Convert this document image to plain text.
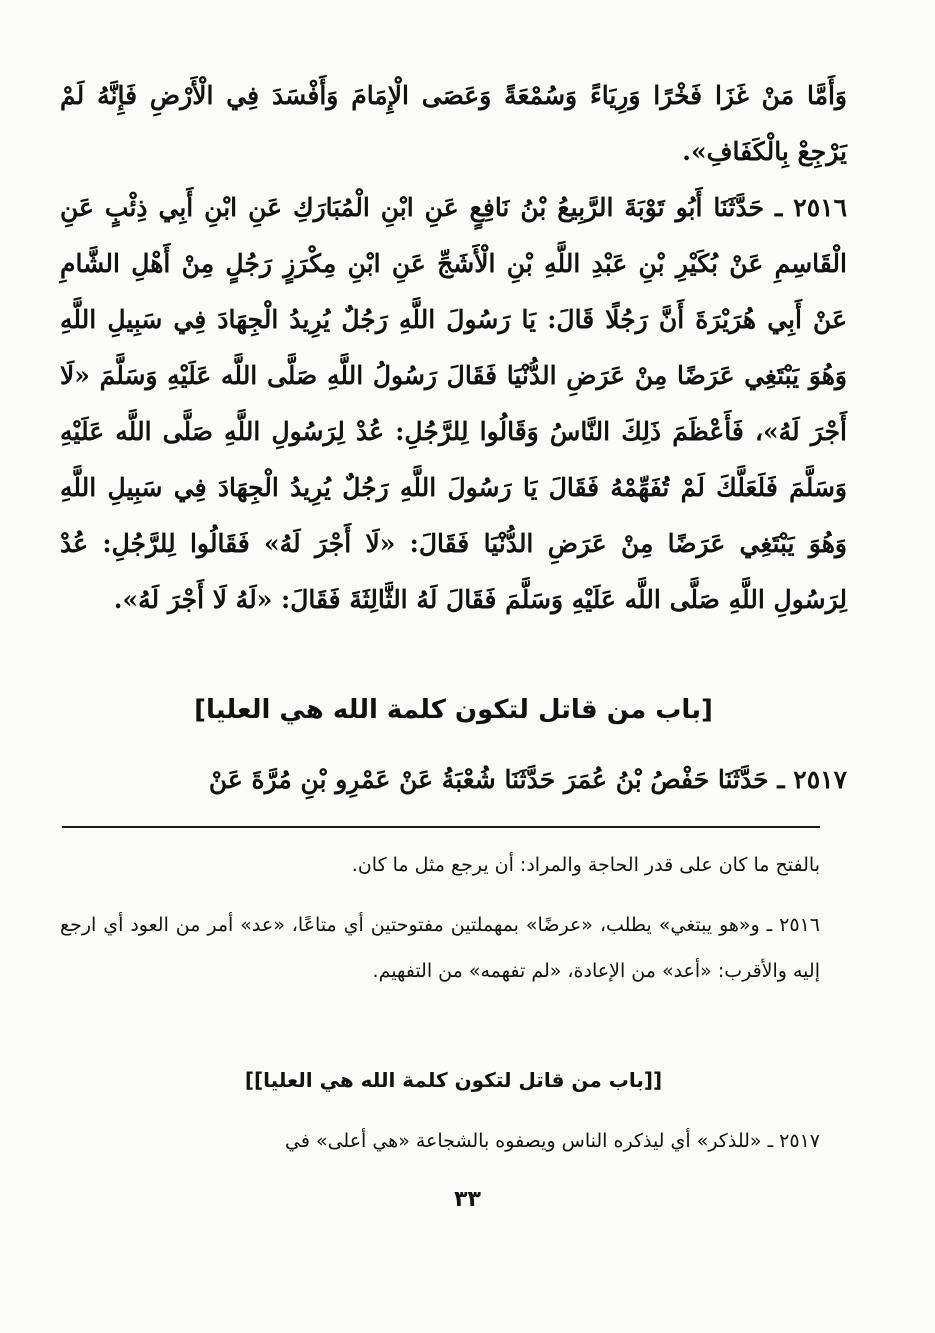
وَأَمَّا مَنْ غَزَا فَخْرًا وَرِيَاءً وَسُمْعَةً وَعَصَى الْإِمَامَ وَأَفْسَدَ فِي الْأَرْضِ فَإِنَّهُ لَمْ يَرْجِعْ بِالْكَفَافِ».

٢٥١٦ ـ حَدَّثَنَا أَبُو تَوْبَةَ الرَّبِيعُ بْنُ نَافِعٍ عَنِ ابْنِ الْمُبَارَكِ عَنِ ابْنِ أَبِي ذِئْبٍ عَنِ الْقَاسِمِ عَنْ بُكَيْرِ بْنِ عَبْدِ اللَّهِ بْنِ الْأَشَجِّ عَنِ ابْنِ مِكْرَزٍ رَجُلٍ مِنْ أَهْلِ الشَّامِ عَنْ أَبِي هُرَيْرَةَ أَنَّ رَجُلًا قَالَ: يَا رَسُولَ اللَّهِ رَجُلٌ يُرِيدُ الْجِهَادَ فِي سَبِيلِ اللَّهِ وَهُوَ يَبْتَغِي عَرَضًا مِنْ عَرَضِ الدُّنْيَا فَقَالَ رَسُولُ اللَّهِ صَلَّى اللَّه عَلَيْهِ وَسَلَّمَ «لَا أَجْرَ لَهُ»، فَأَعْظَمَ ذَلِكَ النَّاسُ وَقَالُوا لِلرَّجُلِ: عُدْ لِرَسُولِ اللَّهِ صَلَّى اللَّه عَلَيْهِ وَسَلَّمَ فَلَعَلَّكَ لَمْ تُفَهِّمْهُ فَقَالَ يَا رَسُولَ اللَّهِ رَجُلٌ يُرِيدُ الْجِهَادَ فِي سَبِيلِ اللَّهِ وَهُوَ يَبْتَغِي عَرَضًا مِنْ عَرَضِ الدُّنْيَا فَقَالَ: «لَا أَجْرَ لَهُ» فَقَالُوا لِلرَّجُلِ: عُدْ لِرَسُولِ اللَّهِ صَلَّى اللَّه عَلَيْهِ وَسَلَّمَ فَقَالَ لَهُ الثَّالِثَةَ فَقَالَ: «لَهُ لَا أَجْرَ لَهُ».

[باب من قاتل لتكون كلمة الله هي العليا]
٢٥١٧ ـ حَدَّثَنَا حَفْصُ بْنُ عُمَرَ حَدَّثَنَا شُعْبَةُ عَنْ عَمْرِو بْنِ مُرَّةَ عَنْ

بالفتح ما كان على قدر الحاجة والمراد: أن يرجع مثل ما كان.

٢٥١٦ ـ و«هو يبتغي» يطلب، «عرضًا» بمهملتين مفتوحتين أي متاعًا، «عد» أمر من العود أي ارجع إليه والأقرب: «أعد» من الإعادة، «لم تفهمه» من التفهيم.

[[باب من قاتل لتكون كلمة الله هي العليا]]
٢٥١٧ ـ «للذكر» أي ليذكره الناس ويصفوه بالشجاعة «هي أعلى» في
٣٣
